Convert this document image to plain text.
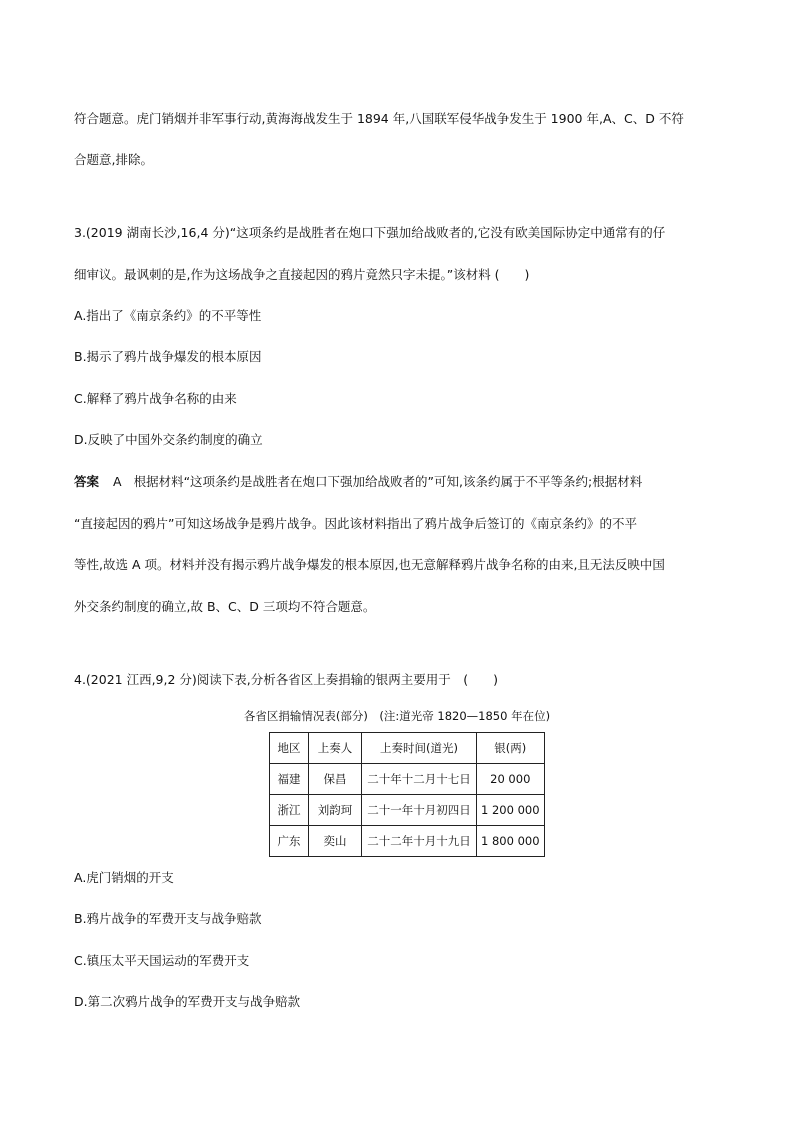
符合题意。虎门销烟并非军事行动,黄海海战发生于 1894 年,八国联军侵华战争发生于 1900 年,A、C、D 不符
合题意,排除。
3.(2019 湖南长沙,16,4 分)“这项条约是战胜者在炮口下强加给战败者的,它没有欧美国际协定中通常有的仔
细审议。最讽刺的是,作为这场战争之直接起因的鸦片竟然只字未提。”该材料 (　　)
A.指出了《南京条约》的不平等性
B.揭示了鸦片战争爆发的根本原因
C.解释了鸦片战争名称的由来
D.反映了中国外交条约制度的确立
答案 A 根据材料“这项条约是战胜者在炮口下强加给战败者的”可知,该条约属于不平等条约;根据材料
“直接起因的鸦片”可知这场战争是鸦片战争。因此该材料指出了鸦片战争后签订的《南京条约》的不平
等性,故选 A 项。材料并没有揭示鸦片战争爆发的根本原因,也无意解释鸦片战争名称的由来,且无法反映中国
外交条约制度的确立,故 B、C、D 三项均不符合题意。
4.(2021 江西,9,2 分)阅读下表,分析各省区上奏捐输的银两主要用于　(　　)
各省区捐输情况表(部分)　(注:道光帝 1820—1850 年在位)
地区	上奏人	上奏时间(道光)	银(两)
福建	保昌	二十年十二月十七日	20 000
浙江	刘韵珂	二十一年十月初四日	1 200 000
广东	奕山	二十二年十月十九日	1 800 000
A.虎门销烟的开支
B.鸦片战争的军费开支与战争赔款
C.镇压太平天国运动的军费开支
D.第二次鸦片战争的军费开支与战争赔款
